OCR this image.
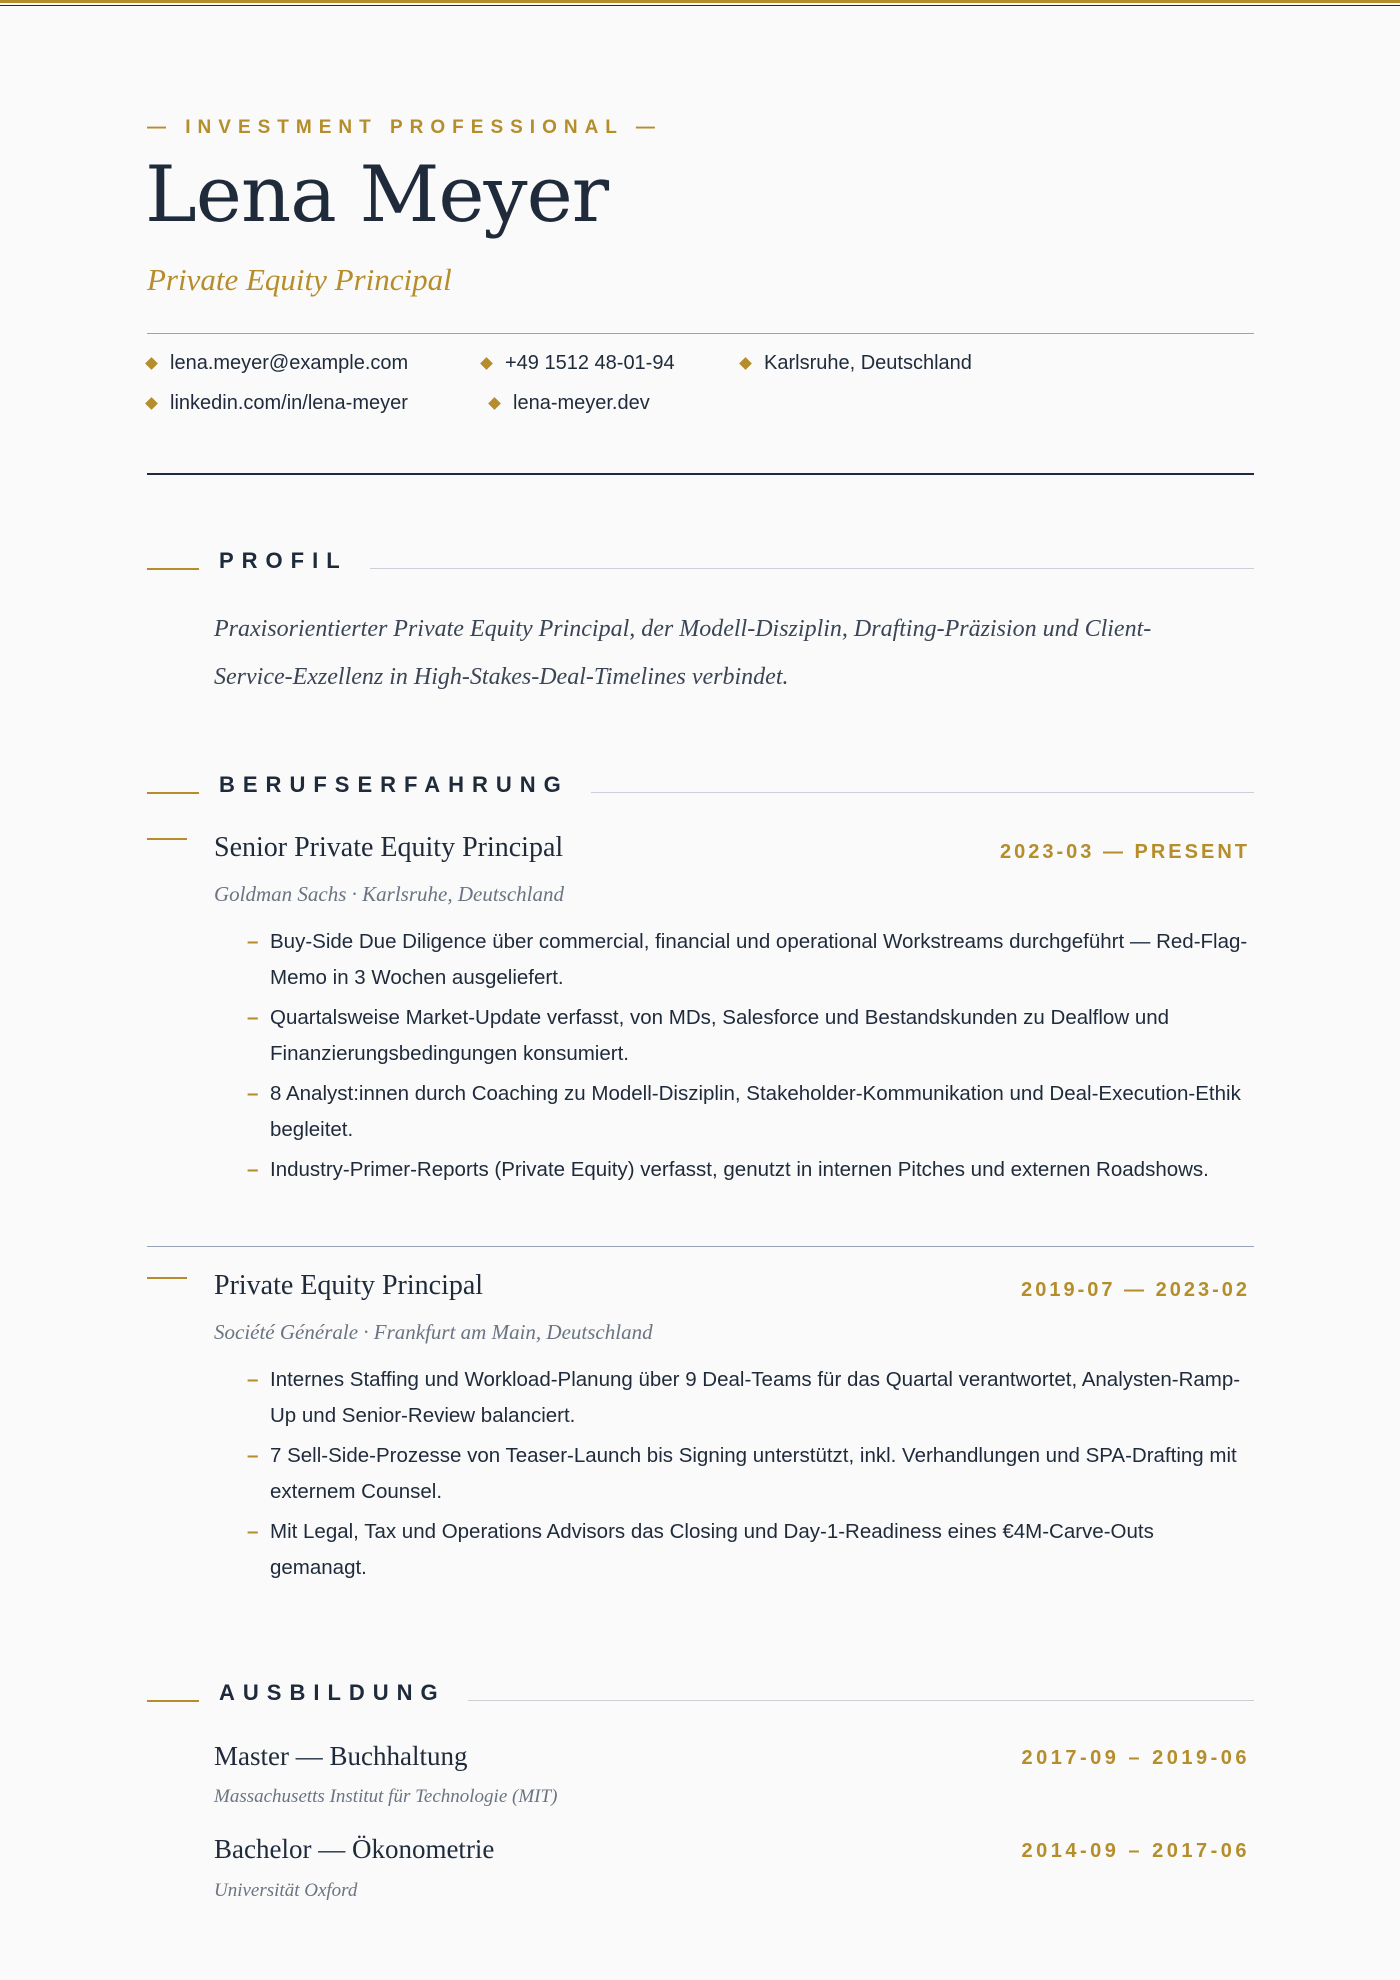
— INVESTMENT PROFESSIONAL —
Lena Meyer
Private Equity Principal
lena.meyer@example.com	+49 1512 48-01-94	Karlsruhe, Deutschland
linkedin.com/in/lena-meyer	lena-meyer.dev
PROFIL
Praxisorientierter Private Equity Principal, der Modell-Disziplin, Drafting-Präzision und Client-Service-Exzellenz in High-Stakes-Deal-Timelines verbindet.
BERUFSERFAHRUNG
Senior Private Equity Principal	2023-03 — PRESENT
Goldman Sachs · Karlsruhe, Deutschland
– Buy-Side Due Diligence über commercial, financial und operational Workstreams durchgeführt — Red-Flag-Memo in 3 Wochen ausgeliefert.
– Quartalsweise Market-Update verfasst, von MDs, Salesforce und Bestandskunden zu Dealflow und Finanzierungsbedingungen konsumiert.
– 8 Analyst:innen durch Coaching zu Modell-Disziplin, Stakeholder-Kommunikation und Deal-Execution-Ethik begleitet.
– Industry-Primer-Reports (Private Equity) verfasst, genutzt in internen Pitches und externen Roadshows.
Private Equity Principal	2019-07 — 2023-02
Société Générale · Frankfurt am Main, Deutschland
– Internes Staffing und Workload-Planung über 9 Deal-Teams für das Quartal verantwortet, Analysten-Ramp-Up und Senior-Review balanciert.
– 7 Sell-Side-Prozesse von Teaser-Launch bis Signing unterstützt, inkl. Verhandlungen und SPA-Drafting mit externem Counsel.
– Mit Legal, Tax und Operations Advisors das Closing und Day-1-Readiness eines €4M-Carve-Outs gemanagt.
AUSBILDUNG
Master — Buchhaltung	2017-09 – 2019-06
Massachusetts Institut für Technologie (MIT)
Bachelor — Ökonometrie	2014-09 – 2017-06
Universität Oxford
